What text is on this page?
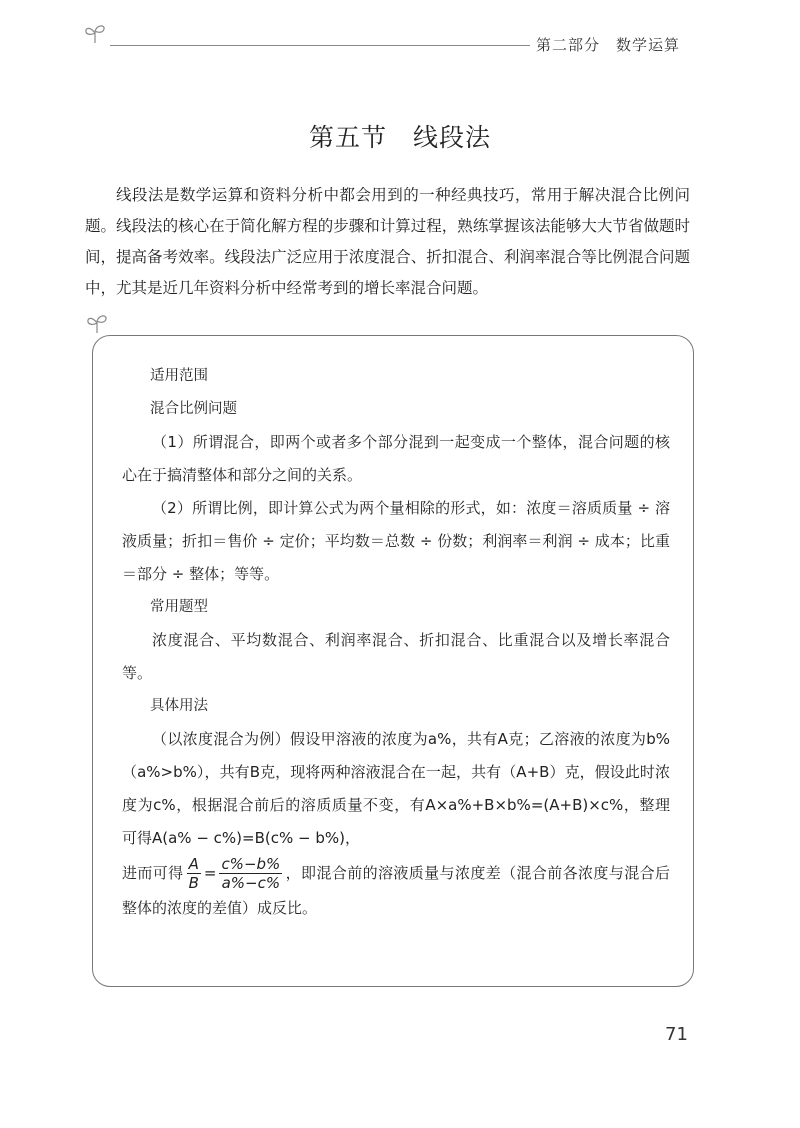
第二部分　数学运算
第五节　线段法
线段法是数学运算和资料分析中都会用到的一种经典技巧，常用于解决混合比例问题。线段法的核心在于简化解方程的步骤和计算过程，熟练掌握该法能够大大节省做题时间，提高备考效率。线段法广泛应用于浓度混合、折扣混合、利润率混合等比例混合问题中，尤其是近几年资料分析中经常考到的增长率混合问题。
适用范围
混合比例问题
（1）所谓混合，即两个或者多个部分混到一起变成一个整体，混合问题的核心在于搞清整体和部分之间的关系。
（2）所谓比例，即计算公式为两个量相除的形式，如：浓度＝溶质质量 ÷ 溶液质量；折扣＝售价 ÷ 定价；平均数＝总数 ÷ 份数；利润率＝利润 ÷ 成本；比重＝部分 ÷ 整体；等等。
常用题型
浓度混合、平均数混合、利润率混合、折扣混合、比重混合以及增长率混合等。
具体用法
（以浓度混合为例）假设甲溶液的浓度为a%，共有A克；乙溶液的浓度为b%（a%>b%），共有B克，现将两种溶液混合在一起，共有（A+B）克，假设此时浓度为c%，根据混合前后的溶质质量不变，有A×a%+B×b%=(A+B)×c%，整理可得A(a% − c%)=B(c% − b%)，
进而可得 $\frac{A}{B} = \frac{c\%-b\%}{a\%-c\%}$ ，即混合前的溶液质量与浓度差（混合前各浓度与混合后整体的浓度的差值）成反比。
71
